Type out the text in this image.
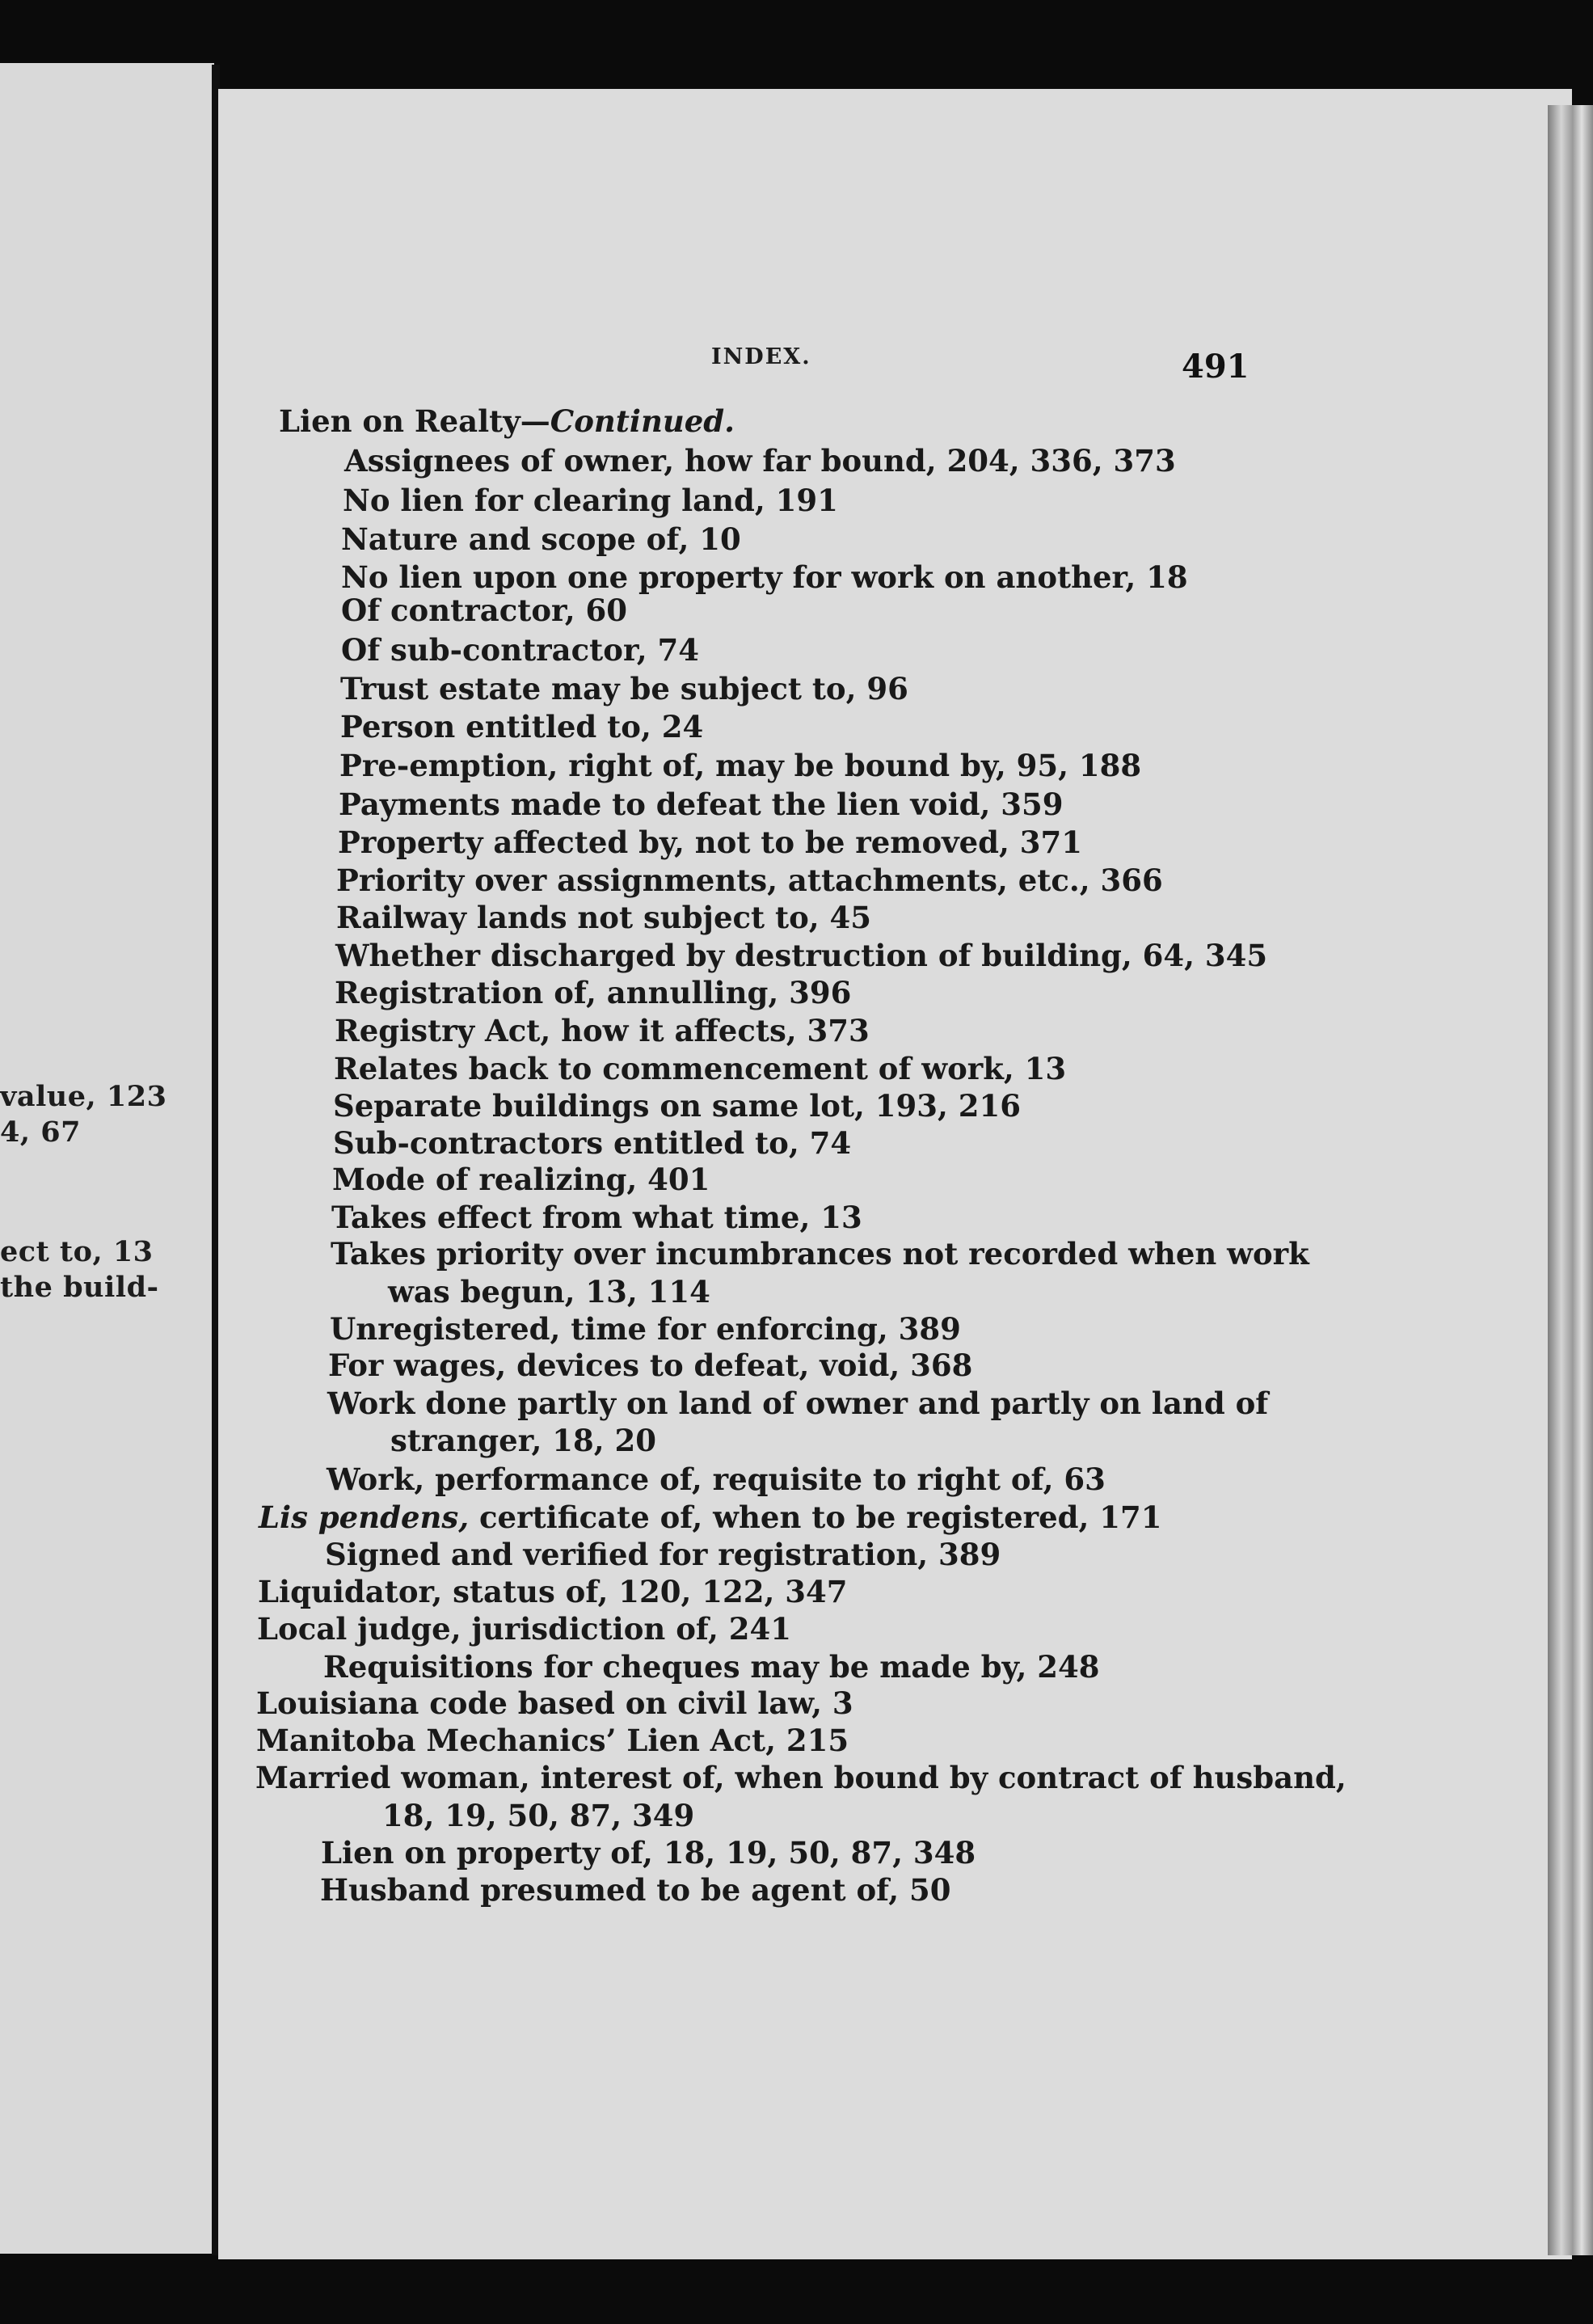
value, 123
4, 67
ect to, 13
the build-
INDEX.	491
Lien on Realty—Continued.
Assignees of owner, how far bound, 204, 336, 373
No lien for clearing land, 191
Nature and scope of, 10
No lien upon one property for work on another, 18
Of contractor, 60
Of sub-contractor, 74
Trust estate may be subject to, 96
Person entitled to, 24
Pre-emption, right of, may be bound by, 95, 188
Payments made to defeat the lien void, 359
Property affected by, not to be removed, 371
Priority over assignments, attachments, etc., 366
Railway lands not subject to, 45
Whether discharged by destruction of building, 64, 345
Registration of, annulling, 396
Registry Act, how it affects, 373
Relates back to commencement of work, 13
Separate buildings on same lot, 193, 216
Sub-contractors entitled to, 74
Mode of realizing, 401
Takes effect from what time, 13
Takes priority over incumbrances not recorded when work
was begun, 13, 114
Unregistered, time for enforcing, 389
For wages, devices to defeat, void, 368
Work done partly on land of owner and partly on land of
stranger, 18, 20
Work, performance of, requisite to right of, 63
Lis pendens, certificate of, when to be registered, 171
Signed and verified for registration, 389
Liquidator, status of, 120, 122, 347
Local judge, jurisdiction of, 241
Requisitions for cheques may be made by, 248
Louisiana code based on civil law, 3
Manitoba Mechanics’ Lien Act, 215
Married woman, interest of, when bound by contract of husband,
18, 19, 50, 87, 349
Lien on property of, 18, 19, 50, 87, 348
Husband presumed to be agent of, 50
